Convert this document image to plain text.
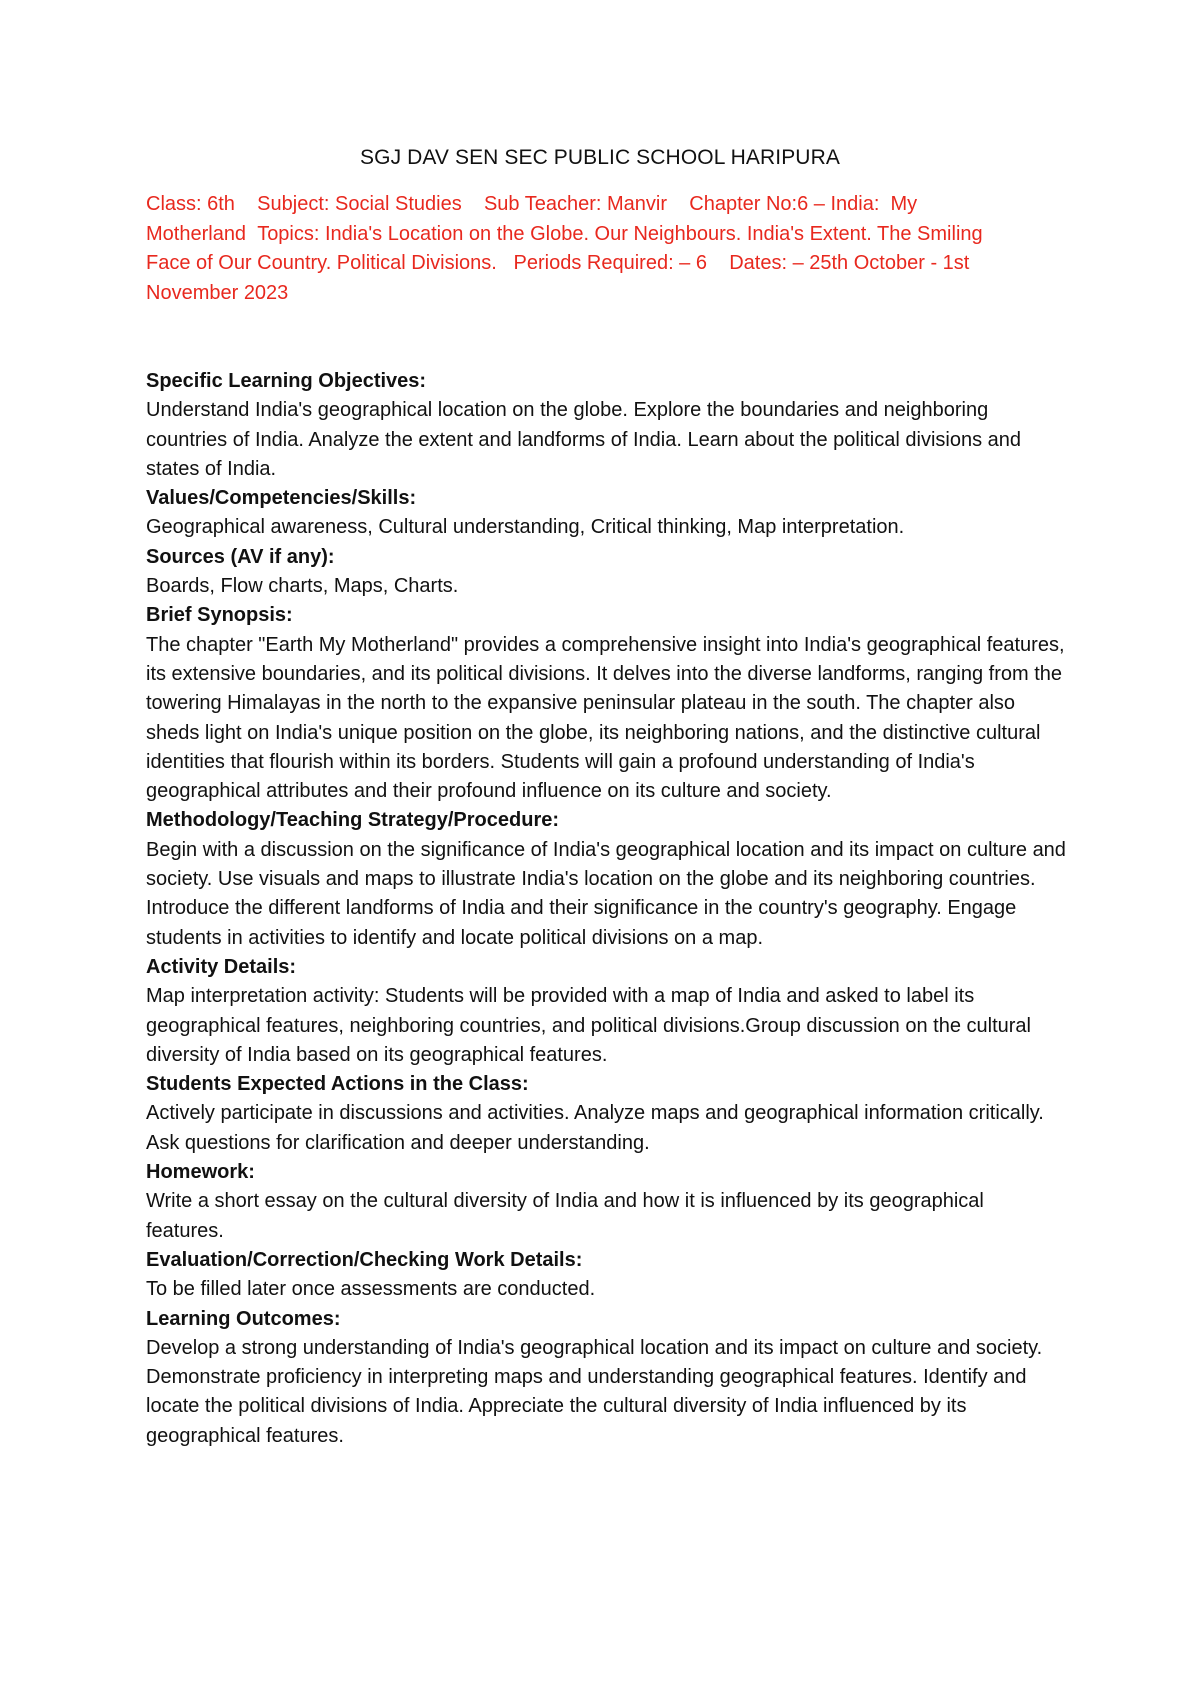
SGJ DAV SEN SEC PUBLIC SCHOOL HARIPURA
Class: 6th Subject: Social Studies Sub Teacher: Manvir Chapter No:6 – India:  My Motherland Topics: India's Location on the Globe. Our Neighbours. India's Extent. The Smiling Face of Our Country. Political Divisions. Periods Required: – 6 Dates: – 25th October - 1st November 2023

Specific Learning Objectives:

Understand India's geographical location on the globe. Explore the boundaries and neighboring countries of India. Analyze the extent and landforms of India. Learn about the political divisions and states of India.

Values/Competencies/Skills:

Geographical awareness, Cultural understanding, Critical thinking, Map interpretation.

Sources (AV if any):

Boards, Flow charts, Maps, Charts.

Brief Synopsis:

The chapter "Earth My Motherland" provides a comprehensive insight into India's geographical features, its extensive boundaries, and its political divisions. It delves into the diverse landforms, ranging from the towering Himalayas in the north to the expansive peninsular plateau in the south. The chapter also sheds light on India's unique position on the globe, its neighboring nations, and the distinctive cultural identities that flourish within its borders. Students will gain a profound understanding of India's geographical attributes and their profound influence on its culture and society.

Methodology/Teaching Strategy/Procedure:

Begin with a discussion on the significance of India's geographical location and its impact on culture and society. Use visuals and maps to illustrate India's location on the globe and its neighboring countries. Introduce the different landforms of India and their significance in the country's geography. Engage students in activities to identify and locate political divisions on a map.

Activity Details:

Map interpretation activity: Students will be provided with a map of India and asked to label its geographical features, neighboring countries, and political divisions.Group discussion on the cultural diversity of India based on its geographical features.

Students Expected Actions in the Class:

Actively participate in discussions and activities. Analyze maps and geographical information critically. Ask questions for clarification and deeper understanding.

Homework:

Write a short essay on the cultural diversity of India and how it is influenced by its geographical features.

Evaluation/Correction/Checking Work Details:

To be filled later once assessments are conducted.

Learning Outcomes:

Develop a strong understanding of India's geographical location and its impact on culture and society. Demonstrate proficiency in interpreting maps and understanding geographical features. Identify and locate the political divisions of India. Appreciate the cultural diversity of India influenced by its geographical features.
